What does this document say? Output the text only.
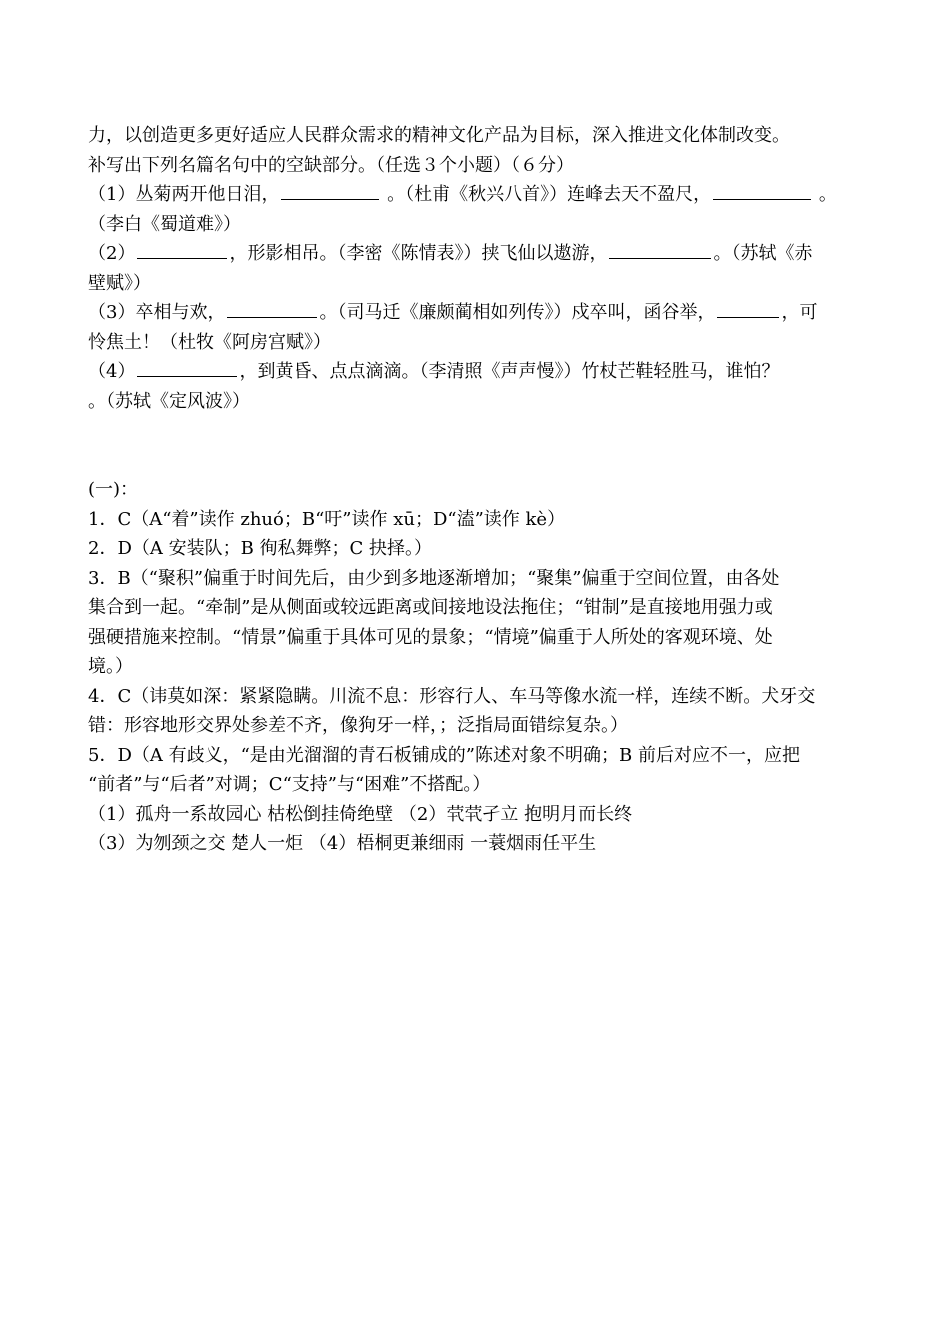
力，以创造更多更好适应人民群众需求的精神文化产品为目标，深入推进文化体制改变。
补写出下列名篇名句中的空缺部分。（任选３个小题）（６分）
（1）丛菊两开他日泪，	。（杜甫《秋兴八首》）连峰去天不盈尺，	。
（李白《蜀道难》）
（2）	，形影相吊。（李密《陈情表》）挟飞仙以遨游，	。（苏轼《赤
壁赋》）
（3）卒相与欢，	。（司马迁《廉颇蔺相如列传》）戍卒叫，函谷举，	，可
怜焦土！（杜牧《阿房宫赋》）
（4）	，到黄昏、点点滴滴。（李清照《声声慢》）竹杖芒鞋轻胜马，谁怕？
。（苏轼《定风波》）
(一)：
1．C（A“着”读作 zhuó；B“吁”读作 xū；D“溘”读作 kè）
2．D（A 安装队；B 徇私舞弊；C 抉择。）
3．B（“聚积”偏重于时间先后，由少到多地逐渐增加；“聚集”偏重于空间位置，由各处
集合到一起。“牵制”是从侧面或较远距离或间接地设法拖住；“钳制”是直接地用强力或
强硬措施来控制。“情景”偏重于具体可见的景象；“情境”偏重于人所处的客观环境、处
境。）
4．C（讳莫如深：紧紧隐瞒。川流不息：形容行人、车马等像水流一样，连续不断。犬牙交
错：形容地形交界处参差不齐，像狗牙一样，；泛指局面错综复杂。）
5．D（A 有歧义，“是由光溜溜的青石板铺成的”陈述对象不明确；B 前后对应不一，应把
“前者”与“后者”对调；C“支持”与“困难”不搭配。）
（1）孤舟一系故园心 枯松倒挂倚绝壁 （2）茕茕孑立 抱明月而长终
（3）为刎颈之交 楚人一炬 （4）梧桐更兼细雨 一蓑烟雨任平生
